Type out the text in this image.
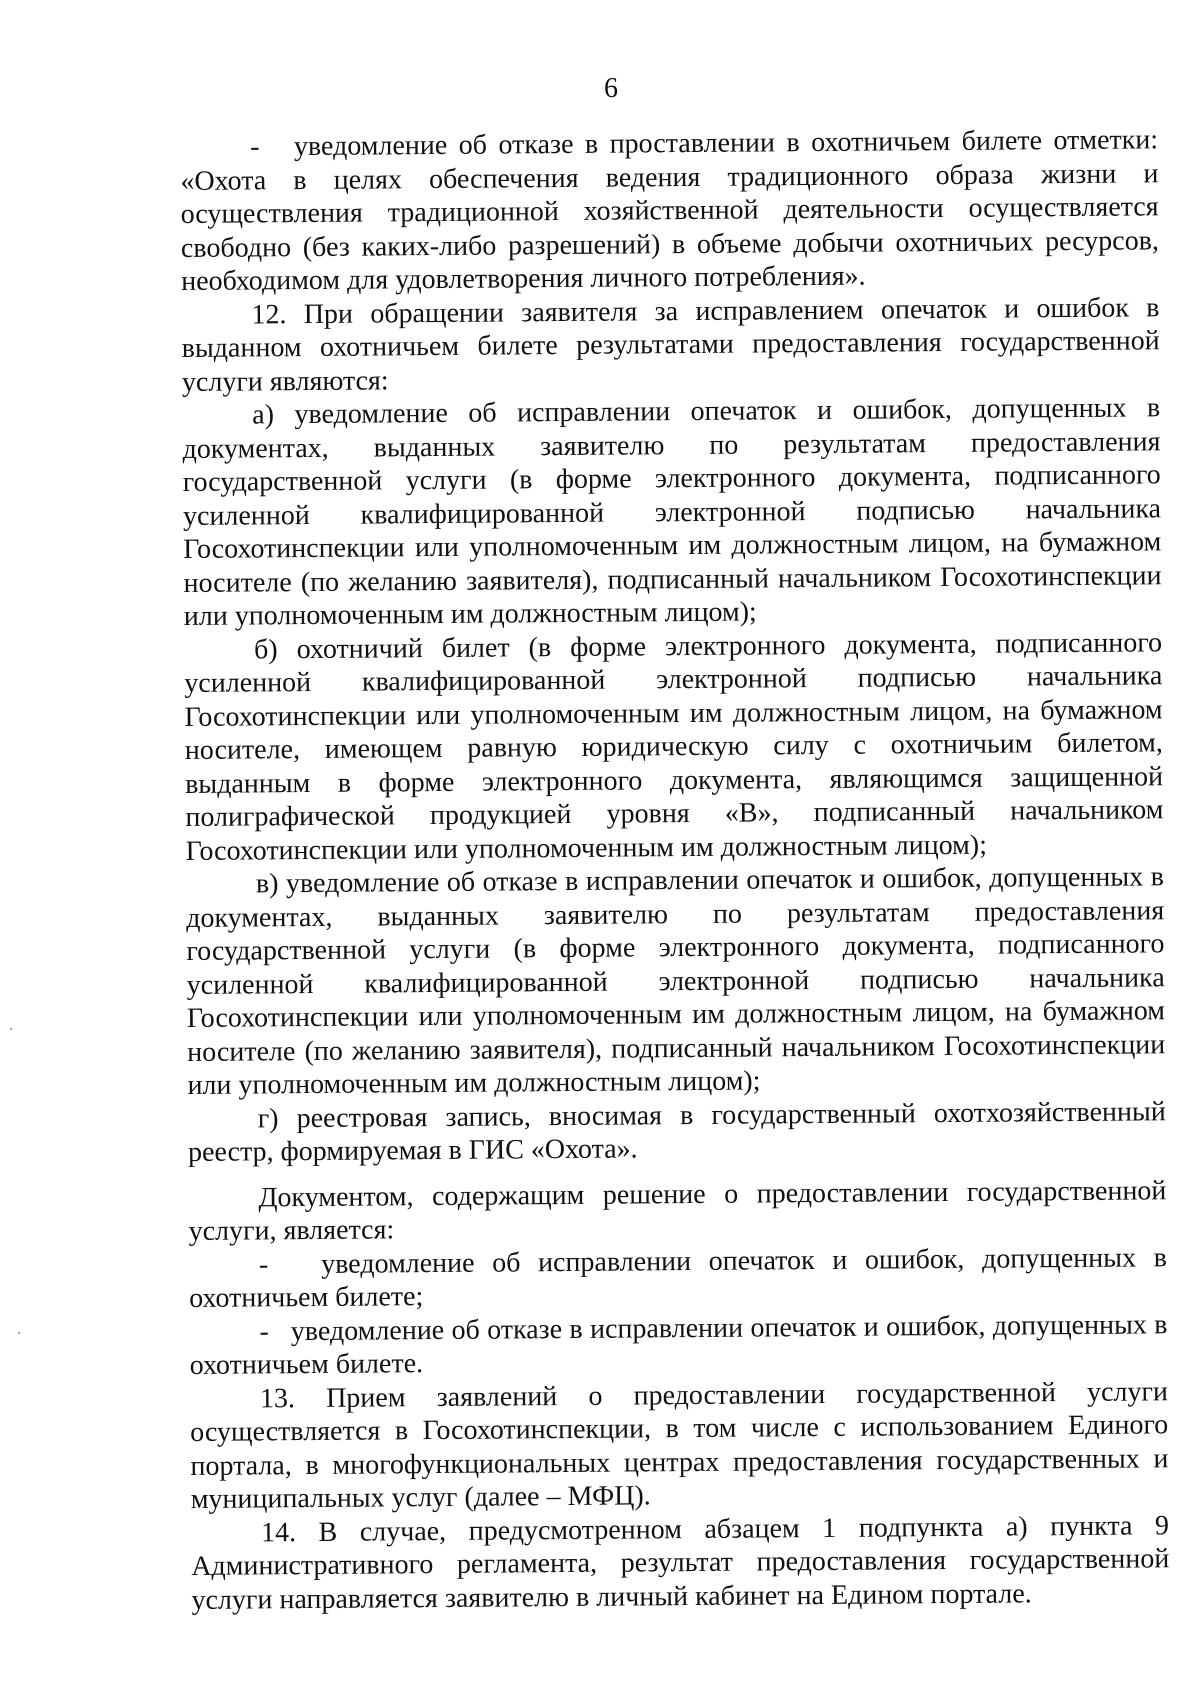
6

-   уведомление об отказе в проставлении в охотничьем билете отметки: «Охота в целях обеспечения ведения традиционного образа жизни и осуществления традиционной хозяйственной деятельности осуществляется свободно (без каких-либо разрешений) в объеме добычи охотничьих ресурсов, необходимом для удовлетворения личного потребления».

12. При обращении заявителя за исправлением опечаток и ошибок в выданном охотничьем билете результатами предоставления государственной услуги являются:

а) уведомление об исправлении опечаток и ошибок, допущенных в документах, выданных заявителю по результатам предоставления государственной услуги (в форме электронного документа, подписанного усиленной квалифицированной электронной подписью начальника Госохотинспекции или уполномоченным им должностным лицом, на бумажном носителе (по желанию заявителя), подписанный начальником Госохотинспекции или уполномоченным им должностным лицом);

б) охотничий билет (в форме электронного документа, подписанного усиленной квалифицированной электронной подписью начальника Госохотинспекции или уполномоченным им должностным лицом, на бумажном носителе, имеющем равную юридическую силу с охотничьим билетом, выданным в форме электронного документа, являющимся защищенной полиграфической продукцией уровня «В», подписанный начальником Госохотинспекции или уполномоченным им должностным лицом);

в) уведомление об отказе в исправлении опечаток и ошибок, допущенных в документах, выданных заявителю по результатам предоставления государственной услуги (в форме электронного документа, подписанного усиленной квалифицированной электронной подписью начальника Госохотинспекции или уполномоченным им должностным лицом, на бумажном носителе (по желанию заявителя), подписанный начальником Госохотинспекции или уполномоченным им должностным лицом);

г) реестровая запись, вносимая в государственный охотхозяйственный реестр, формируемая в ГИС «Охота».

Документом, содержащим решение о предоставлении государственной услуги, является:

-   уведомление об исправлении опечаток и ошибок, допущенных в охотничьем билете;

-   уведомление об отказе в исправлении опечаток и ошибок, допущенных в охотничьем билете.

13. Прием заявлений о предоставлении государственной услуги осуществляется в Госохотинспекции, в том числе с использованием Единого портала, в многофункциональных центрах предоставления государственных и муниципальных услуг (далее – МФЦ).

14. В случае, предусмотренном абзацем 1 подпункта а) пункта 9 Административного регламента, результат предоставления государственной услуги направляется заявителю в личный кабинет на Едином портале.
